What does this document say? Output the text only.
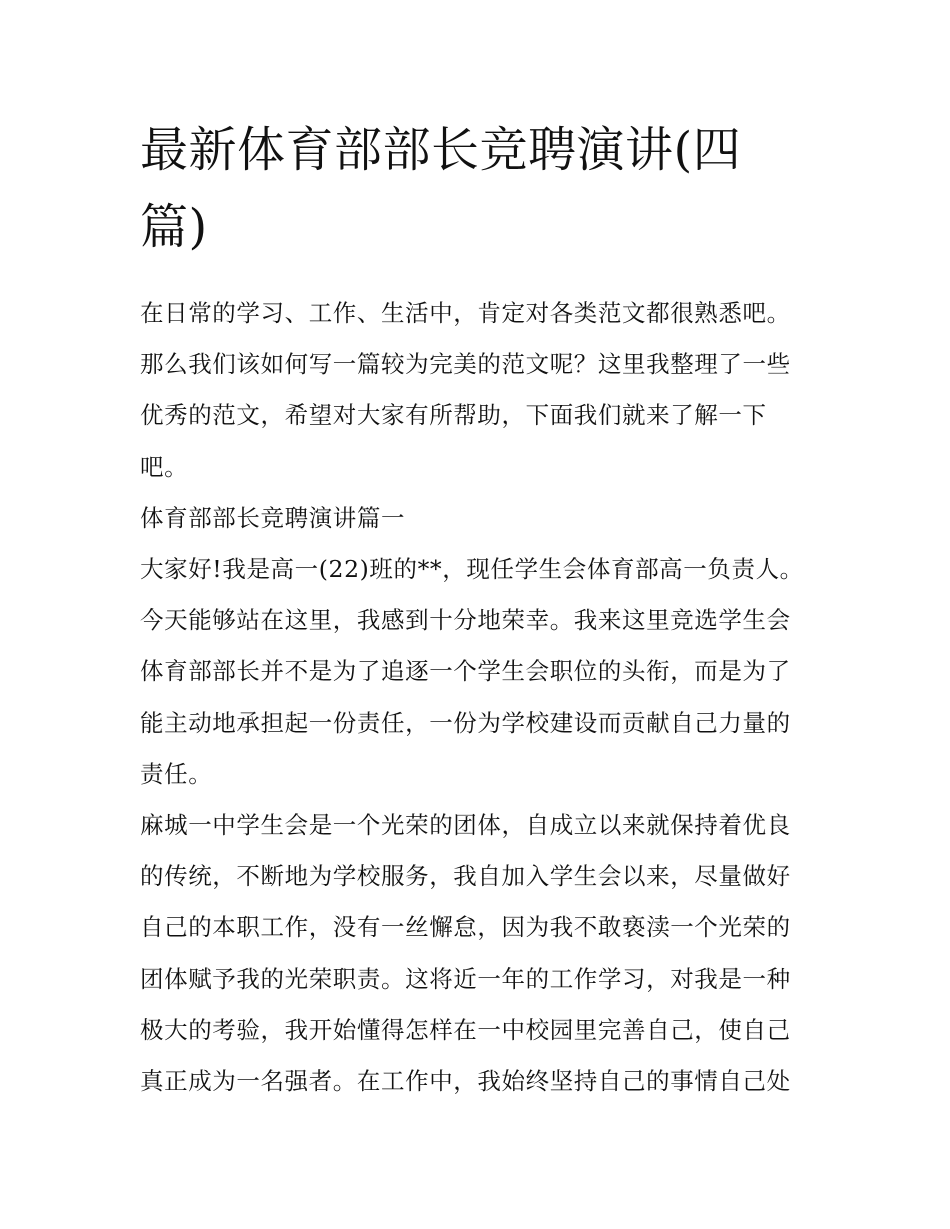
最新体育部部长竞聘演讲(四篇)

在日常的学习、工作、生活中，肯定对各类范文都很熟悉吧。那么我们该如何写一篇较为完美的范文呢？这里我整理了一些优秀的范文，希望对大家有所帮助，下面我们就来了解一下吧。

体育部部长竞聘演讲篇一

大家好!我是高一(22)班的**，现任学生会体育部高一负责人。今天能够站在这里，我感到十分地荣幸。我来这里竞选学生会体育部部长并不是为了追逐一个学生会职位的头衔，而是为了能主动地承担起一份责任，一份为学校建设而贡献自己力量的责任。

麻城一中学生会是一个光荣的团体，自成立以来就保持着优良的传统，不断地为学校服务，我自加入学生会以来，尽量做好自己的本职工作，没有一丝懈怠，因为我不敢亵渎一个光荣的团体赋予我的光荣职责。这将近一年的工作学习，对我是一种极大的考验，我开始懂得怎样在一中校园里完善自己，使自己真正成为一名强者。在工作中，我始终坚持自己的事情自己处
